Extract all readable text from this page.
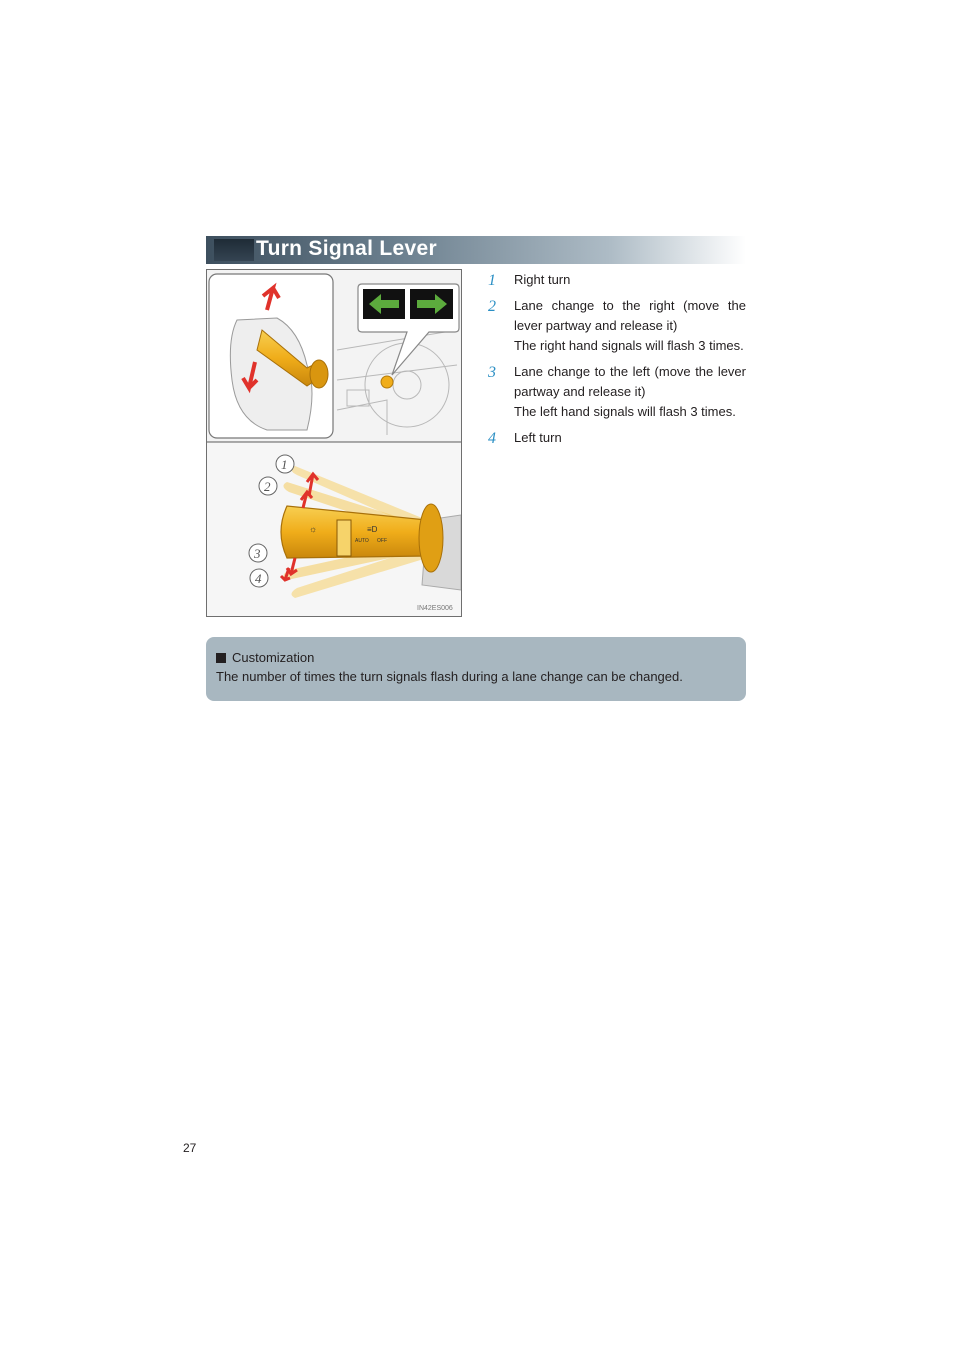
Turn Signal Lever
AUTO OFF
☼	≡D
1
2
3
4
IN42ES006
1 Right turn
2 Lane change to the right (move the lever partway and release it)
The right hand signals will flash 3 times.
3 Lane change to the left (move the lever partway and release it)
The left hand signals will flash 3 times.
4 Left turn
Customization
The number of times the turn signals flash during a lane change can be changed.
27
